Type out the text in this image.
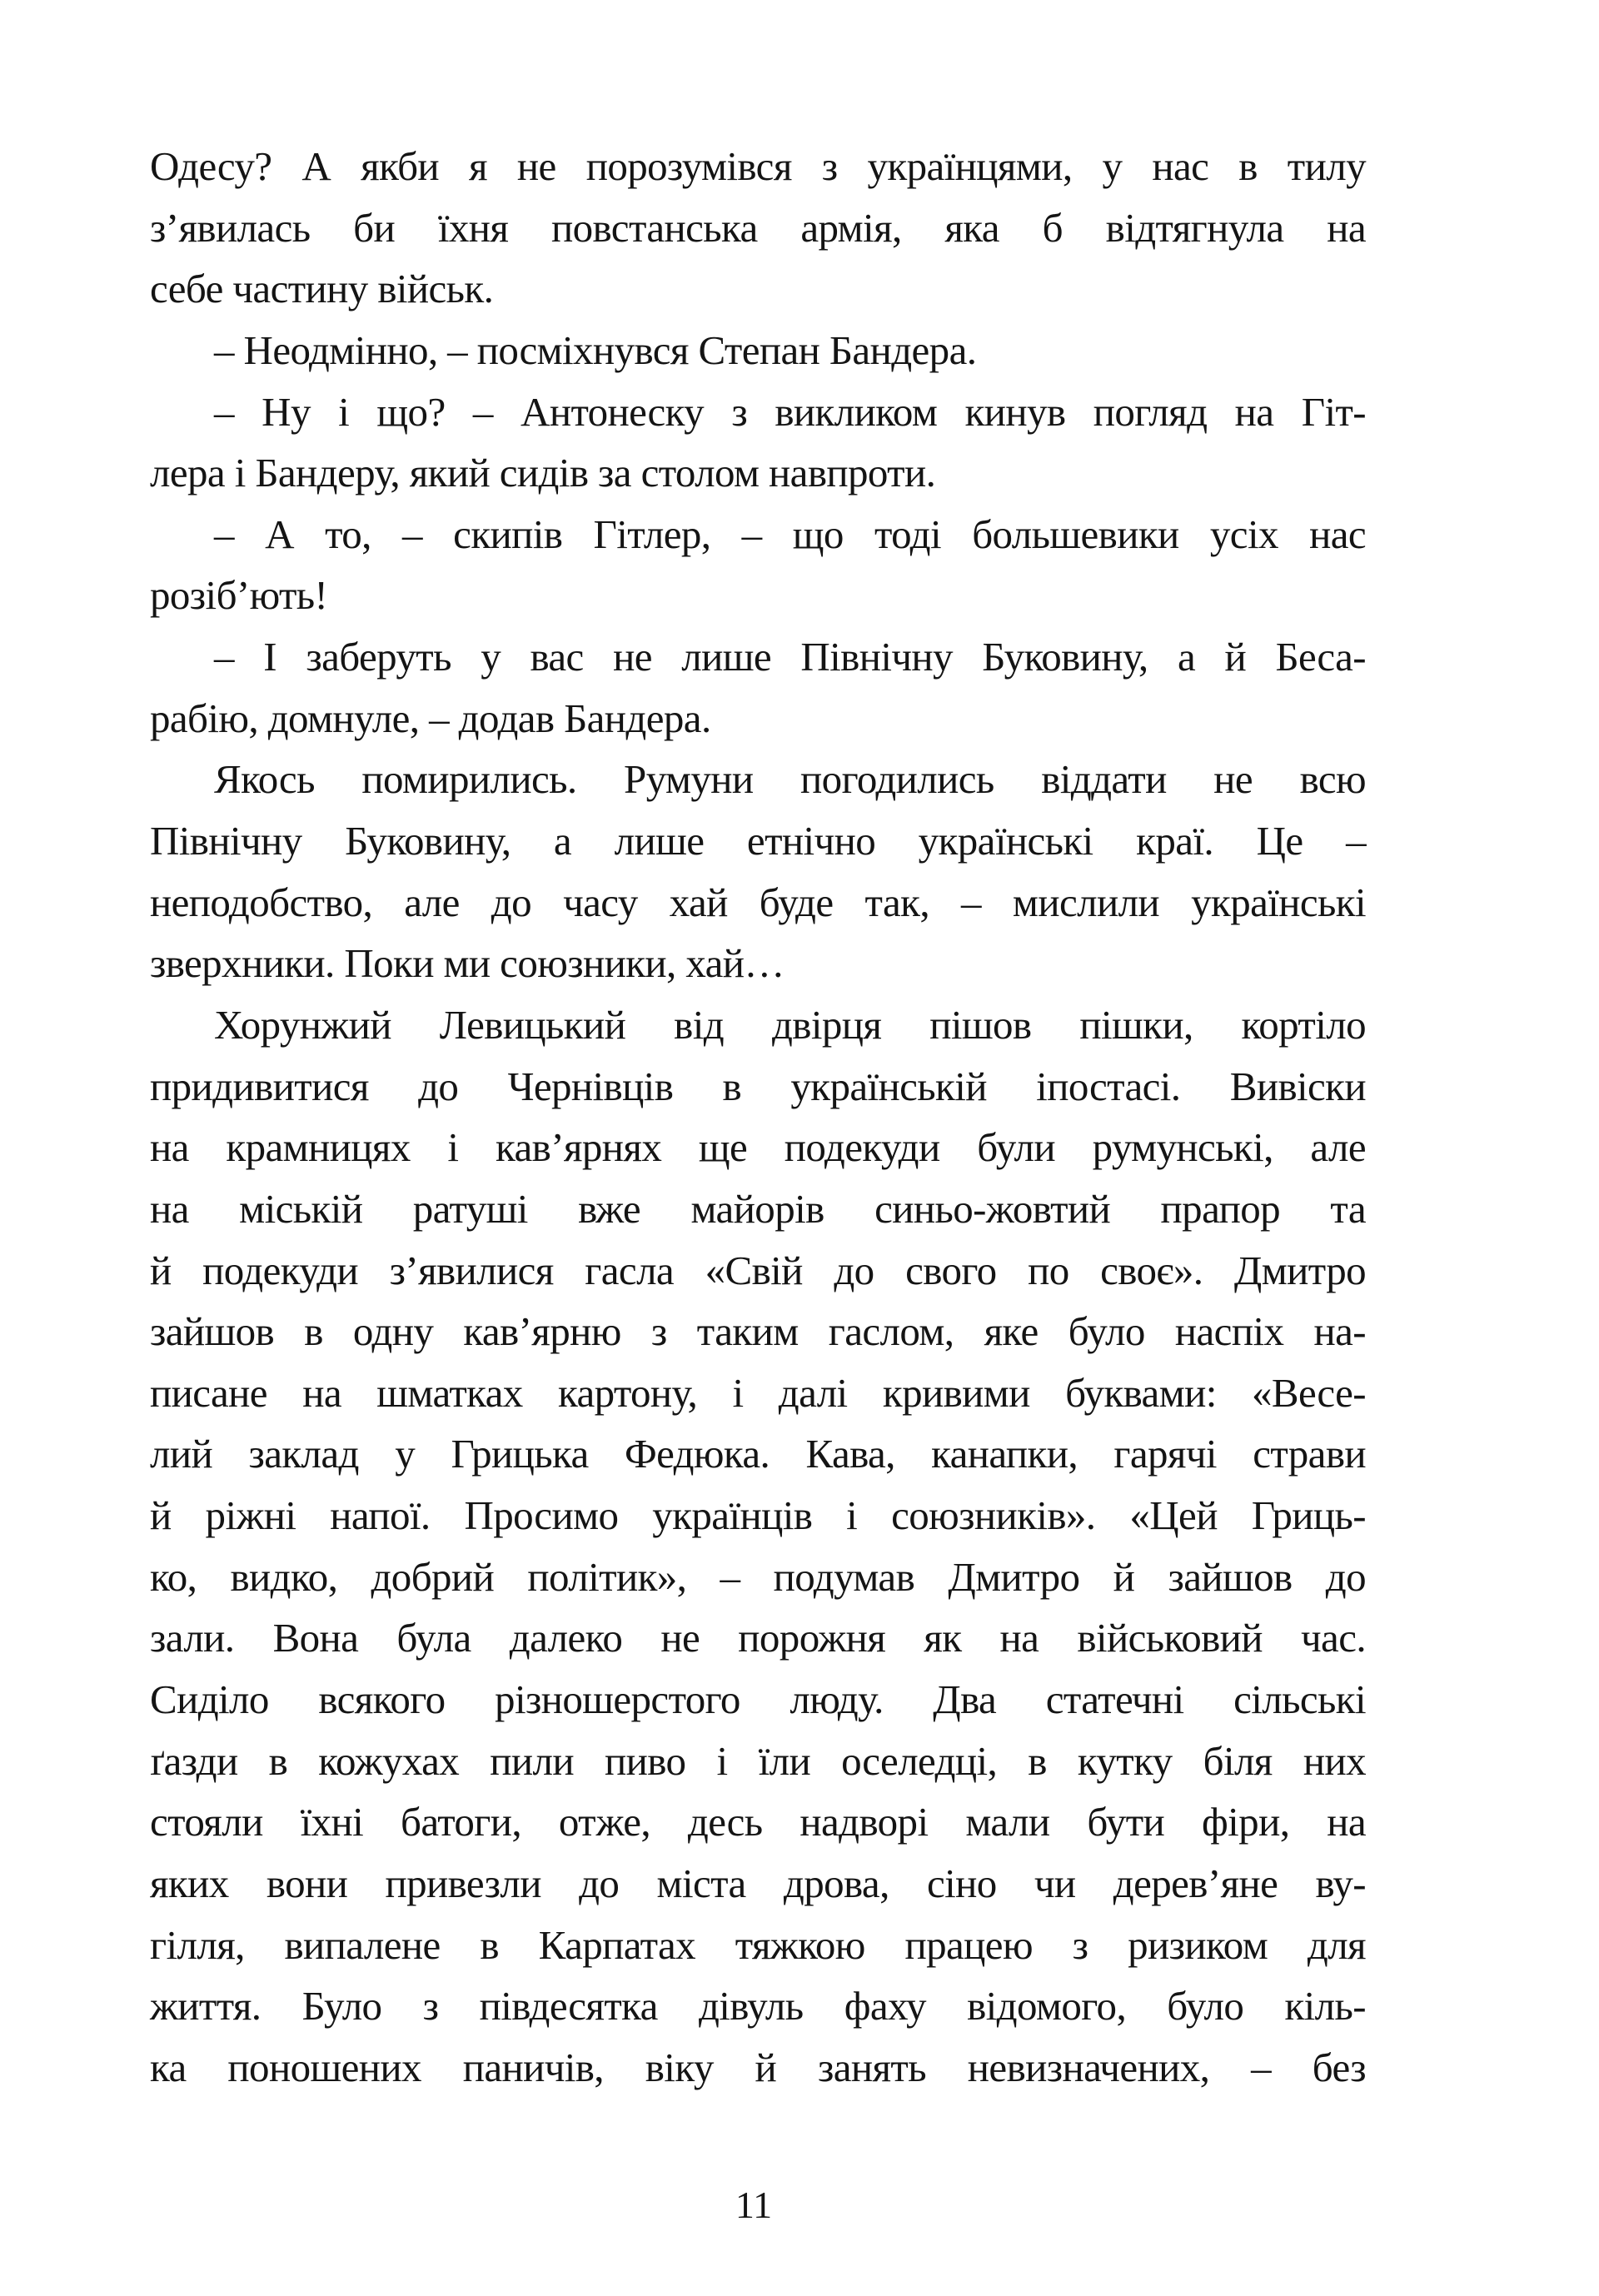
Одесу? А якби я не порозумівся з українцями, у нас в тилу
з’явилась би їхня повстанська армія, яка б відтягнула на
себе частину військ.
– Неодмінно, – посміхнувся Степан Бандера.
– Ну і що? – Антонеску з викликом кинув погляд на Гіт-
лера і Бандеру, який сидів за столом навпроти.
– А то, – скипів Гітлер, – що тоді большевики усіх нас
розіб’ють!
– І заберуть у вас не лише Північну Буковину, а й Беса-
рабію, домнуле, – додав Бандера.
Якось помирились. Румуни погодились віддати не всю
Північну Буковину, а лише етнічно українські краї. Це –
неподобство, але до часу хай буде так, – мислили українські
зверхники. Поки ми союзники, хай…
Хорунжий Левицький від двірця пішов пішки, кортіло
придивитися до Чернівців в українській іпостасі. Вивіски
на крамницях і кав’ярнях ще подекуди були румунські, але
на міській ратуші вже майорів синьо-жовтий прапор та
й подекуди з’явилися гасла «Свій до свого по своє». Дмитро
зайшов в одну кав’ярню з таким гаслом, яке було наспіх на-
писане на шматках картону, і далі кривими буквами: «Весе-
лий заклад у Грицька Федюка. Кава, канапки, гарячі страви
й ріжні напої. Просимо українців і союзників». «Цей Гриць-
ко, видко, добрий політик», – подумав Дмитро й зайшов до
зали. Вона була далеко не порожня як на військовий час.
Сиділо всякого різношерстого люду. Два статечні сільські
ґазди в кожухах пили пиво і їли оселедці, в кутку біля них
стояли їхні батоги, отже, десь надворі мали бути фіри, на
яких вони привезли до міста дрова, сіно чи дерев’яне ву-
гілля, випалене в Карпатах тяжкою працею з ризиком для
життя. Було з півдесятка дівуль фаху відомого, було кіль-
ка поношених паничів, віку й занять невизначених, – без
11
